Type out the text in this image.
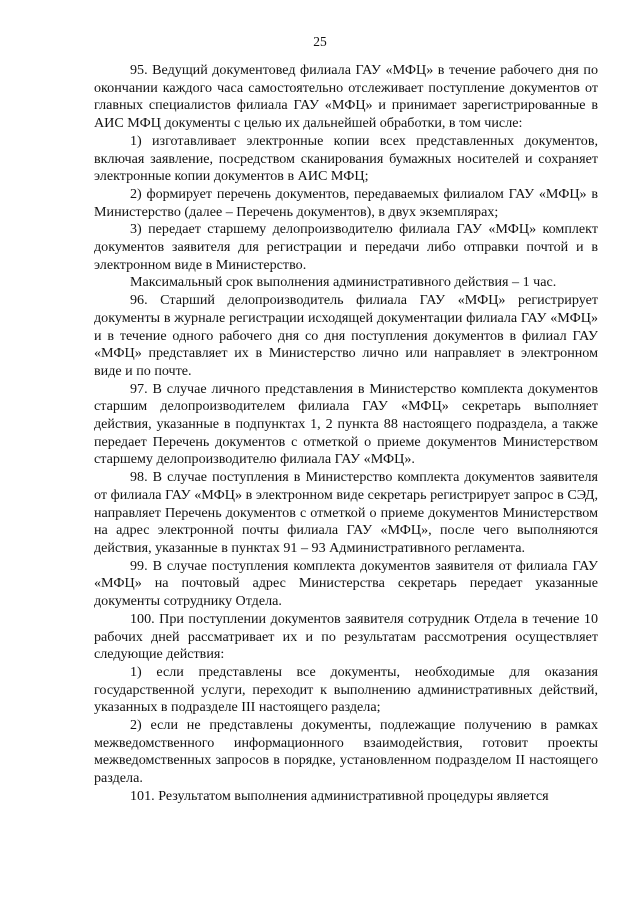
25

95. Ведущий документовед филиала ГАУ «МФЦ» в течение рабочего дня по окончании каждого часа самостоятельно отслеживает поступление документов от главных специалистов филиала ГАУ «МФЦ» и принимает зарегистрированные в АИС МФЦ документы с целью их дальнейшей обработки, в том числе:

1) изготавливает электронные копии всех представленных документов, включая заявление, посредством сканирования бумажных носителей и сохраняет электронные копии документов в АИС МФЦ;

2) формирует перечень документов, передаваемых филиалом ГАУ «МФЦ» в Министерство (далее – Перечень документов), в двух экземплярах;

3) передает старшему делопроизводителю филиала ГАУ «МФЦ» комплект документов заявителя для регистрации и передачи либо отправки почтой и в электронном виде в Министерство.

Максимальный срок выполнения административного действия – 1 час.

96. Старший делопроизводитель филиала ГАУ «МФЦ» регистрирует документы в журнале регистрации исходящей документации филиала ГАУ «МФЦ» и в течение одного рабочего дня со дня поступления документов в филиал ГАУ «МФЦ» представляет их в Министерство лично или направляет в электронном виде и по почте.

97. В случае личного представления в Министерство комплекта документов старшим делопроизводителем филиала ГАУ «МФЦ» секретарь выполняет действия, указанные в подпунктах 1, 2 пункта 88 настоящего подраздела, а также передает Перечень документов с отметкой о приеме документов Министерством старшему делопроизводителю филиала ГАУ «МФЦ».

98. В случае поступления в Министерство комплекта документов заявителя от филиала ГАУ «МФЦ» в электронном виде секретарь регистрирует запрос в СЭД, направляет Перечень документов с отметкой о приеме документов Министерством на адрес электронной почты филиала ГАУ «МФЦ», после чего выполняются действия, указанные в пунктах 91 – 93 Административного регламента.

99. В случае поступления комплекта документов заявителя от филиала ГАУ «МФЦ» на почтовый адрес Министерства секретарь передает указанные документы сотруднику Отдела.

100. При поступлении документов заявителя сотрудник Отдела в течение 10 рабочих дней рассматривает их и по результатам рассмотрения осуществляет следующие действия:

1) если представлены все документы, необходимые для оказания государственной услуги, переходит к выполнению административных действий, указанных в подразделе III настоящего раздела;

2) если не представлены документы, подлежащие получению в рамках межведомственного информационного взаимодействия, готовит проекты межведомственных запросов в порядке, установленном подразделом II настоящего раздела.

101. Результатом выполнения административной процедуры является
